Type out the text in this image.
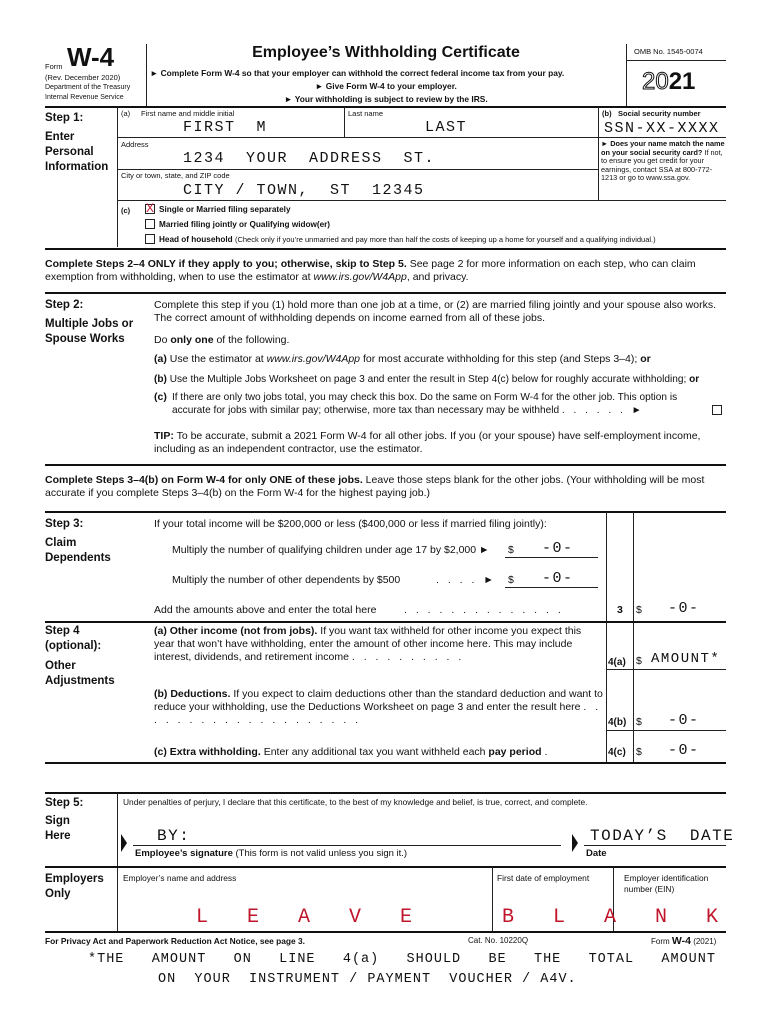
Form W-4
(Rev. December 2020)
Department of the Treasury
Internal Revenue Service
Employee’s Withholding Certificate
► Complete Form W-4 so that your employer can withhold the correct federal income tax from your pay.
► Give Form W-4 to your employer.
► Your withholding is subject to review by the IRS.
OMB No. 1545-0074
2021
Step 1:
Enter Personal Information
(a) First name and middle initial
FIRST  M
Last name
LAST
(b) Social security number
SSN-XX-XXXX
Address
1234  YOUR  ADDRESS  ST.
City or town, state, and ZIP code
CITY / TOWN,  ST  12345
► Does your name match the name on your social security card? If not, to ensure you get credit for your earnings, contact SSA at 800-772-1213 or go to www.ssa.gov.
(c) X Single or Married filing separately
Married filing jointly or Qualifying widow(er)
Head of household (Check only if you’re unmarried and pay more than half the costs of keeping up a home for yourself and a qualifying individual.)
Complete Steps 2–4 ONLY if they apply to you; otherwise, skip to Step 5. See page 2 for more information on each step, who can claim exemption from withholding, when to use the estimator at www.irs.gov/W4App, and privacy.
Step 2:
Multiple Jobs or Spouse Works
Complete this step if you (1) hold more than one job at a time, or (2) are married filing jointly and your spouse also works. The correct amount of withholding depends on income earned from all of these jobs.
Do only one of the following.
(a) Use the estimator at www.irs.gov/W4App for most accurate withholding for this step (and Steps 3–4); or
(b) Use the Multiple Jobs Worksheet on page 3 and enter the result in Step 4(c) below for roughly accurate withholding; or
(c) If there are only two jobs total, you may check this box. Do the same on Form W-4 for the other job. This option is accurate for jobs with similar pay; otherwise, more tax than necessary may be withheld . . . . . . ►
TIP: To be accurate, submit a 2021 Form W-4 for all other jobs. If you (or your spouse) have self-employment income, including as an independent contractor, use the estimator.
Complete Steps 3–4(b) on Form W-4 for only ONE of these jobs. Leave those steps blank for the other jobs. (Your withholding will be most accurate if you complete Steps 3–4(b) on the Form W-4 for the highest paying job.)
Step 3:
Claim Dependents
If your total income will be $200,000 or less ($400,000 or less if married filing jointly):
Multiply the number of qualifying children under age 17 by $2,000 ► $ -0-
Multiply the number of other dependents by $500	. . . . ► $ -0-
Add the amounts above and enter the total here	. . . . . . . . . . . . . .	3 $ -0-
Step 4 (optional):
Other Adjustments
(a) Other income (not from jobs). If you want tax withheld for other income you expect this year that won’t have withholding, enter the amount of other income here. This may include interest, dividends, and retirement income . . . . . . . . . .	4(a) $ AMOUNT*
(b) Deductions. If you expect to claim deductions other than the standard deduction and want to reduce your withholding, use the Deductions Worksheet on page 3 and enter the result here . . . . . . . . . . . . . . . . . . . .	4(b) $ -0-
(c) Extra withholding. Enter any additional tax you want withheld each pay period .	4(c) $ -0-
Step 5:
Sign Here
Under penalties of perjury, I declare that this certificate, to the best of my knowledge and belief, is true, correct, and complete.
BY:
Employee’s signature (This form is not valid unless you sign it.)
TODAY’S  DATE
Date
Employers Only
Employer’s name and address	First date of employment	Employer identification number (EIN)
L  E  A  V  E     B  L  A  N  K
For Privacy Act and Paperwork Reduction Act Notice, see page 3.	Cat. No. 10220Q	Form W-4 (2021)
*THE   AMOUNT   ON   LINE   4(a)   SHOULD   BE   THE   TOTAL   AMOUNT
ON  YOUR  INSTRUMENT / PAYMENT  VOUCHER / A4V.
